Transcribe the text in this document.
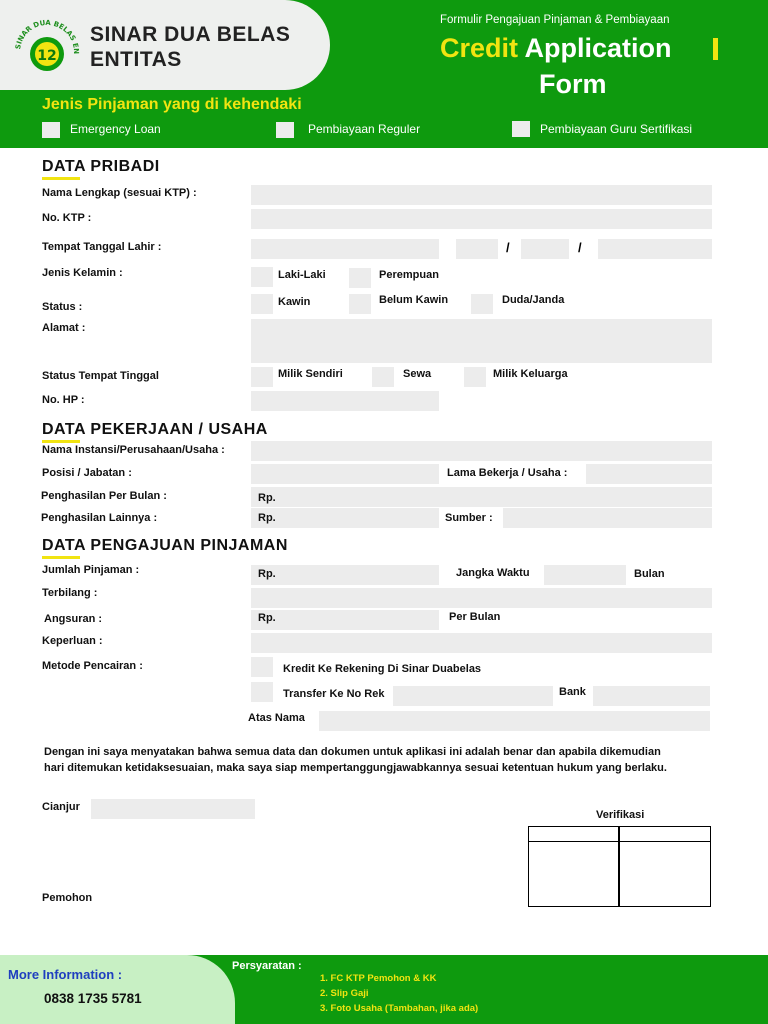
SINAR DUA BELAS EN
12
SINAR DUA BELAS
ENTITAS
Formulir Pengajuan Pinjaman & Pembiayaan
Credit Application
Form
Jenis Pinjaman yang di kehendaki
Emergency Loan	Pembiayaan Reguler	Pembiayaan Guru Sertifikasi
DATA PRIBADI
Nama Lengkap (sesuai KTP) :
No. KTP :
Tempat Tanggal Lahir :	/	/
Jenis Kelamin :	Laki-Laki	Perempuan
Status :	Kawin	Belum Kawin	Duda/Janda
Alamat :
Status Tempat Tinggal	Milik Sendiri	Sewa	Milik Keluarga
No. HP :
DATA PEKERJAAN / USAHA
Nama Instansi/Perusahaan/Usaha :
Posisi / Jabatan :	Lama Bekerja / Usaha :
Penghasilan Per Bulan :	Rp.
Penghasilan Lainnya :	Rp.	Sumber :
DATA PENGAJUAN PINJAMAN
Jumlah Pinjaman :	Rp.	Jangka Waktu	Bulan
Terbilang :
Angsuran :	Rp.	Per Bulan
Keperluan :
Metode Pencairan :	Kredit Ke Rekening Di Sinar Duabelas
Transfer Ke No Rek	Bank
Atas Nama
Dengan ini saya menyatakan bahwa semua data dan dokumen untuk aplikasi ini adalah benar dan apabila dikemudian
hari ditemukan ketidaksesuaian, maka saya siap mempertanggungjawabkannya sesuai ketentuan hukum yang berlaku.
Cianjur
Verifikasi
Pemohon
More Information :
0838 1735 5781
Persyaratan :
1. FC KTP Pemohon & KK
2. Slip Gaji
3. Foto Usaha (Tambahan, jika ada)
